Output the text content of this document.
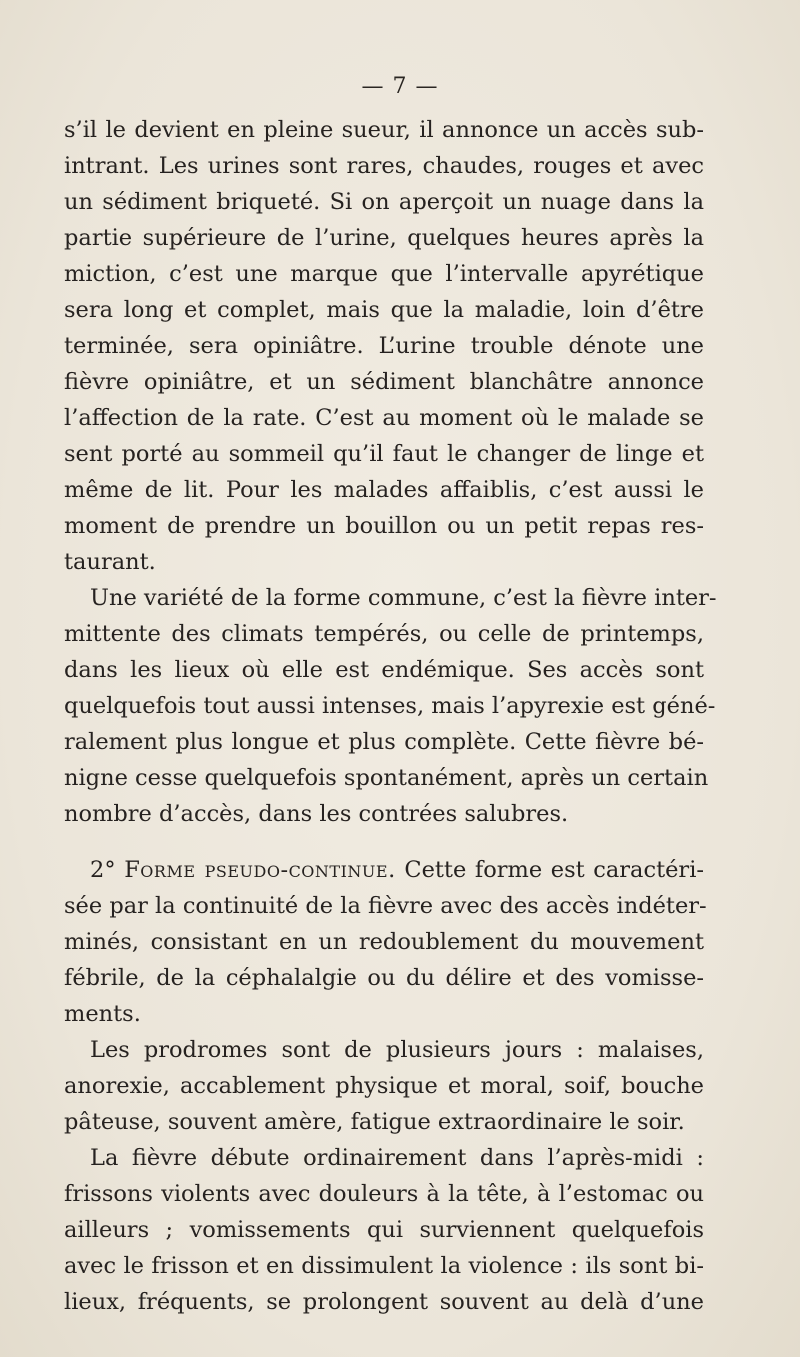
— 7 —
s’il le devient en pleine sueur, il annonce un accès sub-
intrant. Les urines sont rares, chaudes, rouges et avec
un sédiment briqueté. Si on aperçoit un nuage dans la
partie supérieure de l’urine, quelques heures après la
miction, c’est une marque que l’intervalle apyrétique
sera long et complet, mais que la maladie, loin d’être
terminée, sera opiniâtre. L’urine trouble dénote une
fièvre opiniâtre, et un sédiment blanchâtre annonce
l’affection de la rate. C’est au moment où le malade se
sent porté au sommeil qu’il faut le changer de linge et
même de lit. Pour les malades affaiblis, c’est aussi le
moment de prendre un bouillon ou un petit repas res-
taurant.
Une variété de la forme commune, c’est la fièvre inter-
mittente des climats tempérés, ou celle de printemps,
dans les lieux où elle est endémique. Ses accès sont
quelquefois tout aussi intenses, mais l’apyrexie est géné-
ralement plus longue et plus complète. Cette fièvre bé-
nigne cesse quelquefois spontanément, après un certain
nombre d’accès, dans les contrées salubres.
2° Forme pseudo-continue. Cette forme est caractéri-
sée par la continuité de la fièvre avec des accès indéter-
minés, consistant en un redoublement du mouvement
fébrile, de la céphalalgie ou du délire et des vomisse-
ments.
Les prodromes sont de plusieurs jours : malaises,
anorexie, accablement physique et moral, soif, bouche
pâteuse, souvent amère, fatigue extraordinaire le soir.
La fièvre débute ordinairement dans l’après-midi :
frissons violents avec douleurs à la tête, à l’estomac ou
ailleurs ; vomissements qui surviennent quelquefois
avec le frisson et en dissimulent la violence : ils sont bi-
lieux, fréquents, se prolongent souvent au delà d’une
